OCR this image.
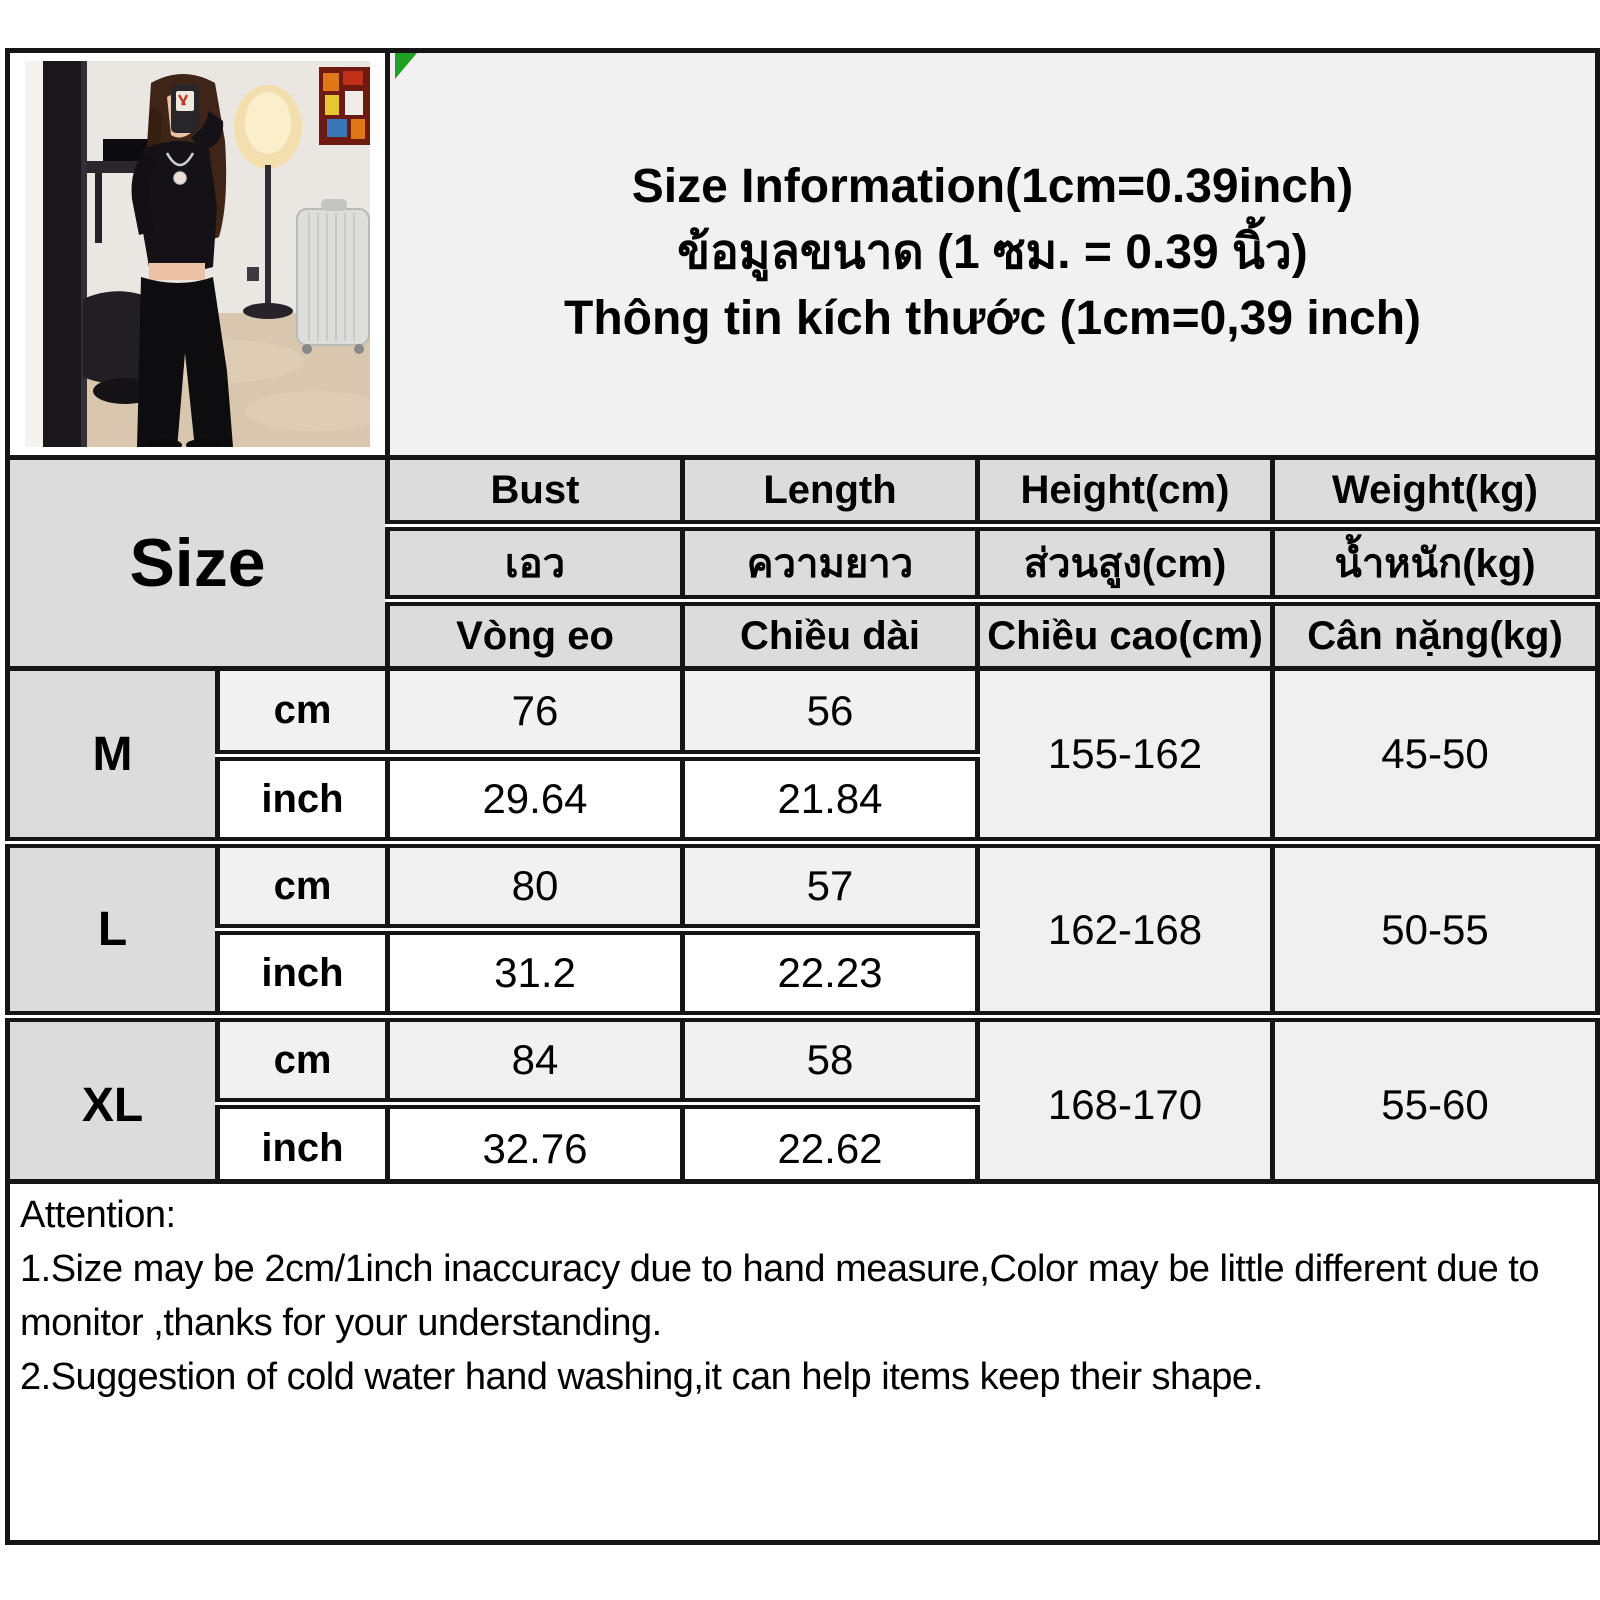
Size Information(1cm=0.39inch)
ข้อมูลขนาด (1 ซม. = 0.39 นิ้ว)
Thông tin kích thước (1cm=0,39 inch)			

Size		Bust	Length	Height(cm)	Weight(kg)
		เอว	ความยาว	ส่วนสูง(cm)	น้ำหนัก(kg)
		Vòng eo	Chiều dài	Chiều cao(cm)	Cân nặng(kg)
M	cm	76	56	155-162	45-50
	inch	29.64	21.84		
L	cm	80	57	162-168	50-55
	inch	31.2	22.23		
XL	cm	84	58	168-170	55-60
	inch	32.76	22.62		
Attention:
1.Size may be 2cm/1inch inaccuracy due to hand measure,Color may be little different due to monitor ,thanks for your understanding.
2.Suggestion of cold water hand washing,it can help items keep their shape.
